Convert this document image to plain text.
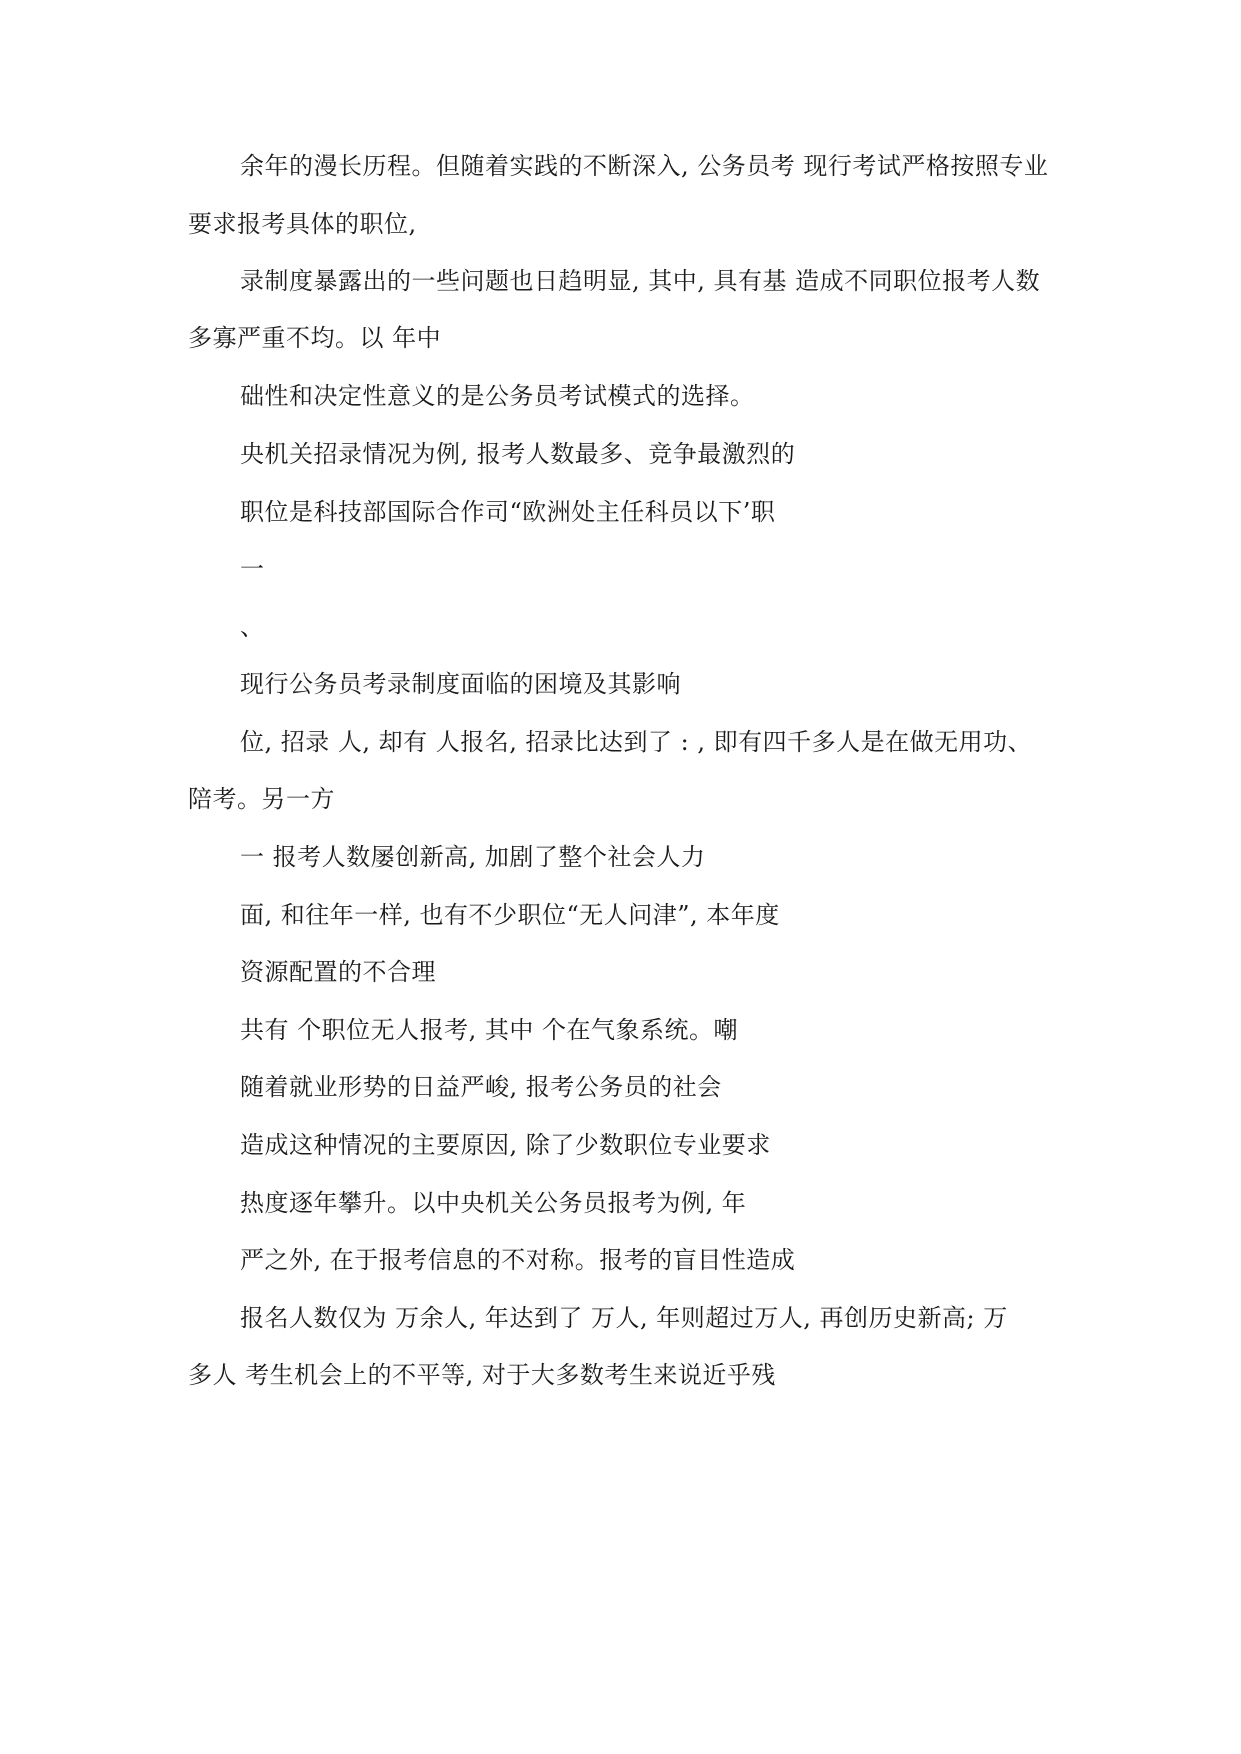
余年的漫长历程。但随着实践的不断深入, 公务员考 现行考试严格按照专业
要求报考具体的职位,
录制度暴露出的一些问题也日趋明显, 其中, 具有基 造成不同职位报考人数
多寡严重不均。以 年中
础性和决定性意义的是公务员考试模式的选择。
央机关招录情况为例, 报考人数最多、竞争最激烈的
职位是科技部国际合作司“欧洲处主任科员以下’职
一
、
现行公务员考录制度面临的困境及其影响
位, 招录 人, 却有 人报名, 招录比达到了 : , 即有四千多人是在做无用功、
陪考。另一方
一 报考人数屡创新高, 加剧了整个社会人力
面, 和往年一样, 也有不少职位“无人问津”, 本年度
资源配置的不合理
共有 个职位无人报考, 其中 个在气象系统。嘲
随着就业形势的日益严峻, 报考公务员的社会
造成这种情况的主要原因, 除了少数职位专业要求
热度逐年攀升。以中央机关公务员报考为例, 年
严之外, 在于报考信息的不对称。报考的盲目性造成
报名人数仅为 万余人, 年达到了 万人, 年则超过万人, 再创历史新高; 万
多人 考生机会上的不平等, 对于大多数考生来说近乎残
